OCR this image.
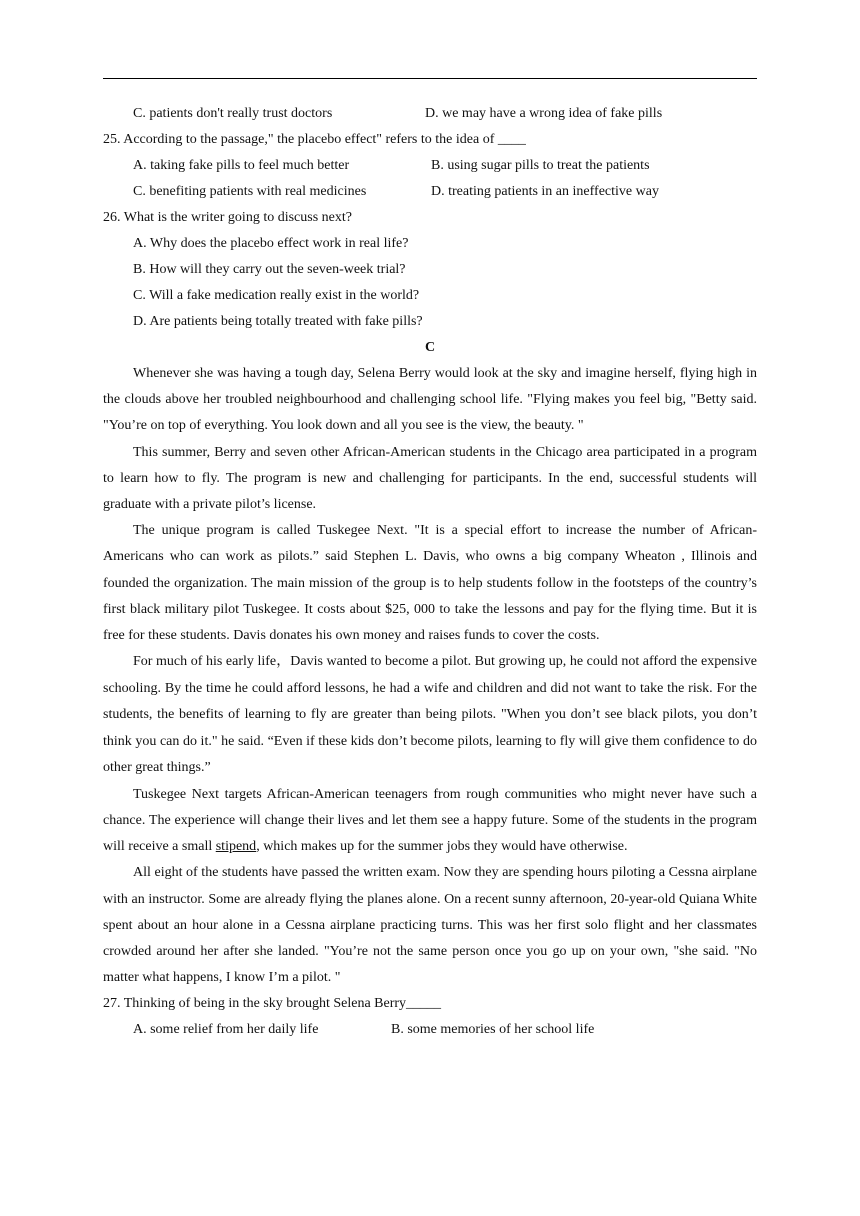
C. patients don't really trust doctors	D. we may have a wrong idea of fake pills
25. According to the passage," the placebo effect" refers to the idea of ____
A. taking fake pills to feel much better	B. using sugar pills to treat the patients
C. benefiting patients with real medicines	D. treating patients in an ineffective way
26. What is the writer going to discuss next?
A. Why does the placebo effect work in real life?
B. How will they carry out the seven-week trial?
C. Will a fake medication really exist in the world?
D. Are patients being totally treated with fake pills?
C

Whenever she was having a tough day, Selena Berry would look at the sky and imagine herself, flying high in the clouds above her troubled neighbourhood and challenging school life. "Flying makes you feel big, "Betty said. "You’re on top of everything. You look down and all you see is the view, the beauty. "

This summer, Berry and seven other African-American students in the Chicago area participated in a program to learn how to fly. The program is new and challenging for participants. In the end, successful students will graduate with a private pilot’s license.

The unique program is called Tuskegee Next. "It is a special effort to increase the number of African-Americans who can work as pilots.” said Stephen L. Davis, who owns a big company Wheaton , Illinois and founded the organization. The main mission of the group is to help students follow in the footsteps of the country’s first black military pilot Tuskegee. It costs about $25, 000 to take the lessons and pay for the flying time. But it is free for these students. Davis donates his own money and raises funds to cover the costs.

For much of his early life，Davis wanted to become a pilot. But growing up, he could not afford the expensive schooling. By the time he could afford lessons, he had a wife and children and did not want to take the risk. For the students, the benefits of learning to fly are greater than being pilots. "When you don’t see black pilots, you don’t think you can do it." he said. “Even if these kids don’t become pilots, learning to fly will give them confidence to do other great things.”

Tuskegee Next targets African-American teenagers from rough communities who might never have such a chance. The experience will change their lives and let them see a happy future. Some of the students in the program will receive a small stipend, which makes up for the summer jobs they would have otherwise.

All eight of the students have passed the written exam. Now they are spending hours piloting a Cessna airplane with an instructor. Some are already flying the planes alone. On a recent sunny afternoon, 20-year-old Quiana White spent about an hour alone in a Cessna airplane practicing turns. This was her first solo flight and her classmates crowded around her after she landed. "You’re not the same person once you go up on your own, "she said. "No matter what happens, I know I’m a pilot. "

27. Thinking of being in the sky brought Selena Berry_____
A. some relief from her daily life	B. some memories of her school life
